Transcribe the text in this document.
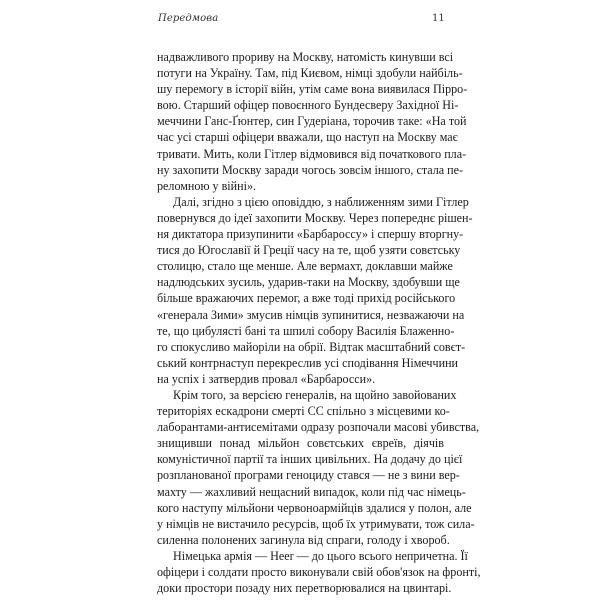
Передмова	11
надважливого прориву на Москву, натомість кинувши всі
потуги на Україну. Там, під Києвом, німці здобули найбіль-
шу перемогу в історії війн, утім саме вона виявилася Пірро-
вою. Старший офіцер повоєнного Бундесверу Західної Ні-
меччини Ганс-Ґюнтер, син Гудеріана, торочив таке: «На той
час усі старші офіцери вважали, що наступ на Москву має
тривати. Мить, коли Гітлер відмовився від початкового пла-
ну захопити Москву заради чогось зовсім іншого, стала пе-
реломною у війні».
Далі, згідно з цією оповіддю, з наближенням зими Гітлер
повернувся до ідеї захопити Москву. Через попереднє рішен-
ня диктатора призупинити «Барбароссу» і спершу вторгну-
тися до Югославії й Греції часу на те, щоб узяти совєтську
столицю, стало ще менше. Але вермахт, доклавши майже
надлюдських зусиль, ударив-таки на Москву, здобувши ще
більше вражаючих перемог, а вже тоді прихід російського
«генерала Зими» змусив німців зупинитися, незважаючи на
те, що цибулясті бані та шпилі собору Василія Блаженно-
го спокусливо майоріли на обрії. Відтак масштабний совєт-
ський контрнаступ перекреслив усі сподівання Німеччини
на успіх і затвердив провал «Барбаросси».
Крім того, за версією генералів, на щойно завойованих
територіях ескадрони смерті СС спільно з місцевими ко-
лаборантами-антисемітами одразу розпочали масові убивства,
знищивши понад мільйон совєтських євреїв, діячів
комуністичної партії та інших цивільних. На додачу до цієї
розпланованої програми геноциду стався — не з вини вер-
махту — жахливий нещасний випадок, коли під час німець-
кого наступу мільйони червоноармійців здалися у полон, але
у німців не вистачило ресурсів, щоб їх утримувати, тож сила-
силенна полонених загинула від спраги, голоду і хвороб.
Німецька армія — Heer — до цього всього непричетна. Її
офіцери і солдати просто виконували свій обов'язок на фронті,
доки простори позаду них перетворювалися на цвинтарі.
